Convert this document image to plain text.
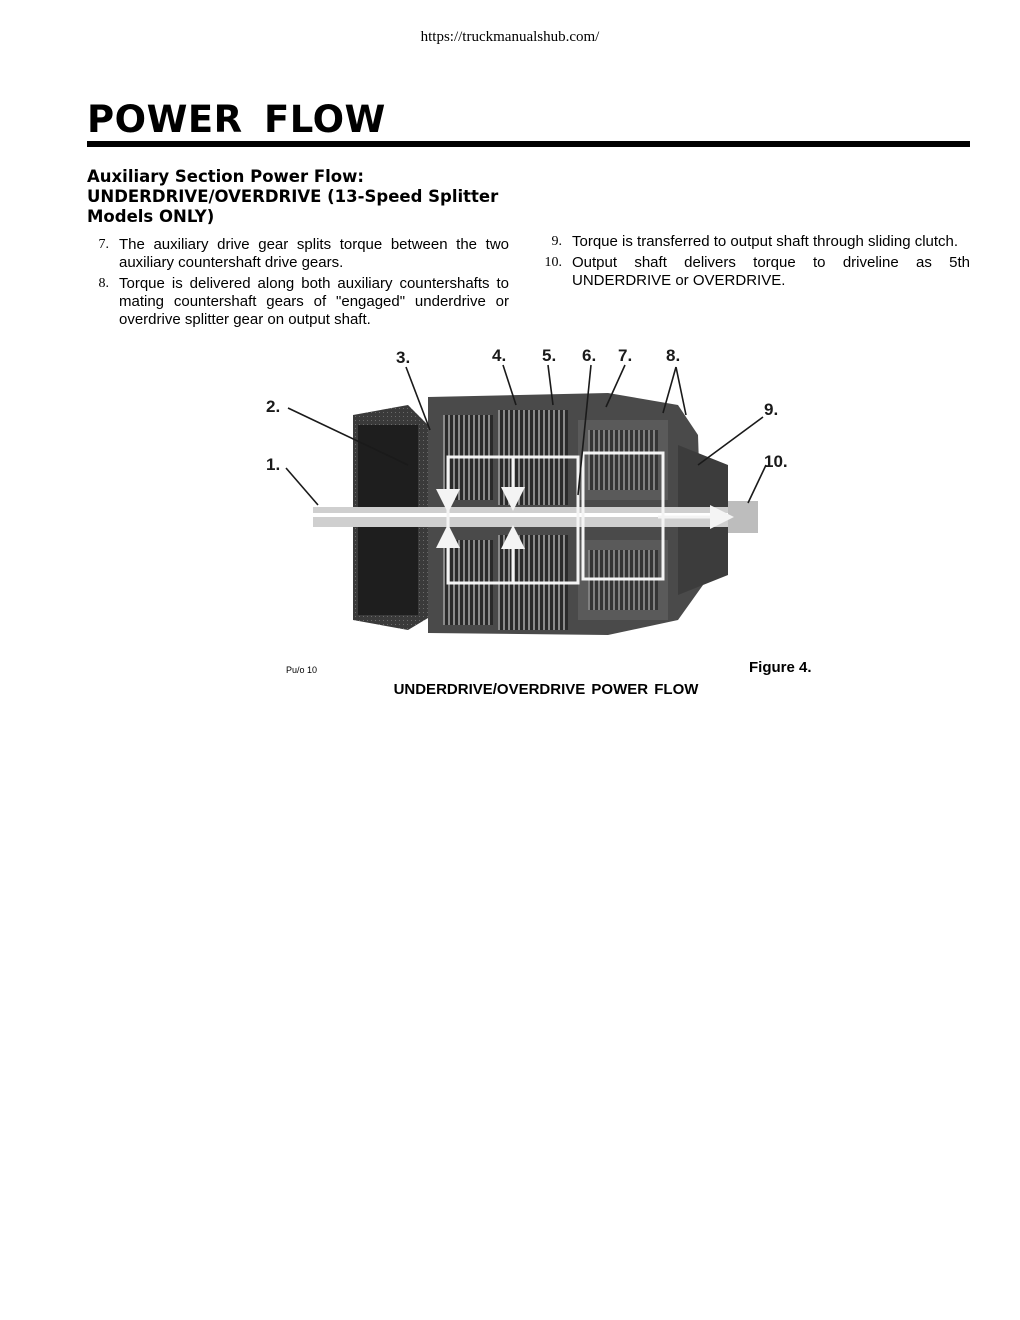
https://truckmanualshub.com/
POWER FLOW
Auxiliary Section Power Flow:
UNDERDRIVE/OVERDRIVE (13-Speed Splitter Models ONLY)
7. The auxiliary drive gear splits torque between the two auxiliary countershaft drive gears.
8. Torque is delivered along both auxiliary countershafts to mating countershaft gears of "engaged" underdrive or overdrive splitter gear on output shaft.
9. Torque is transferred to output shaft through sliding clutch.
10. Output shaft delivers torque to driveline as 5th UNDERDRIVE or OVERDRIVE.
1.
2.
3.	4. 5. 6. 7. 8.
9.
10.
Pu/o 10	Figure 4.
UNDERDRIVE/OVERDRIVE POWER FLOW
